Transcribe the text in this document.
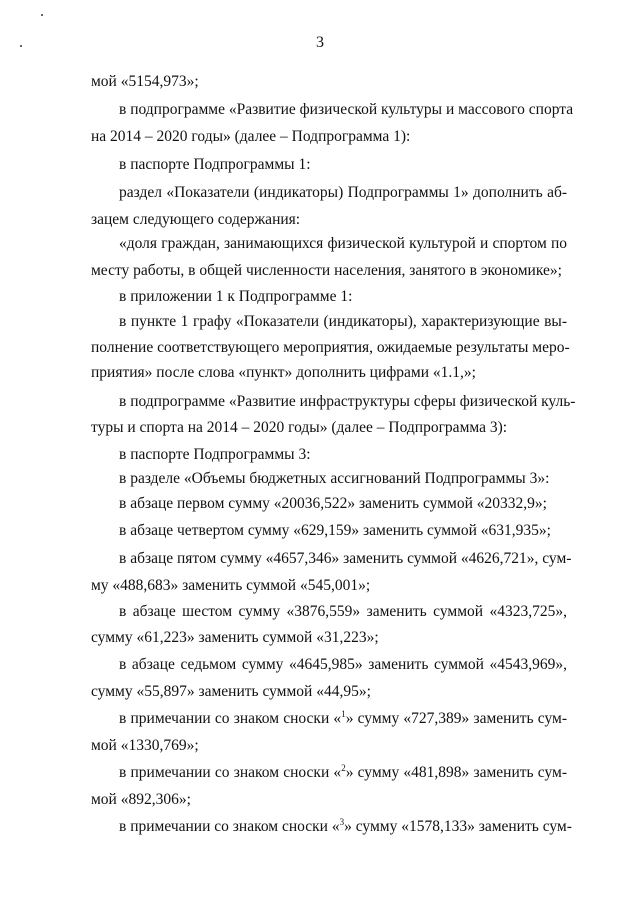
3
мой «5154,973»;
в подпрограмме «Развитие физической культуры и массового спорта
на 2014 – 2020 годы» (далее – Подпрограмма 1):
в паспорте Подпрограммы 1:
раздел «Показатели (индикаторы) Подпрограммы 1» дополнить аб-
зацем следующего содержания:
«доля граждан, занимающихся физической культурой и спортом по
месту работы, в общей численности населения, занятого в экономике»;
в приложении 1 к Подпрограмме 1:
в пункте 1 графу «Показатели (индикаторы), характеризующие вы-
полнение соответствующего мероприятия, ожидаемые результаты меро-
приятия» после слова «пункт» дополнить цифрами «1.1,»;
в подпрограмме «Развитие инфраструктуры сферы физической куль-
туры и спорта на 2014 – 2020 годы» (далее – Подпрограмма 3):
в паспорте Подпрограммы 3:
в разделе «Объемы бюджетных ассигнований Подпрограммы 3»:
в абзаце первом сумму «20036,522» заменить суммой «20332,9»;
в абзаце четвертом сумму «629,159» заменить суммой «631,935»;
в абзаце пятом сумму «4657,346» заменить суммой «4626,721», сум-
му «488,683» заменить суммой «545,001»;
в абзаце шестом сумму «3876,559» заменить суммой «4323,725»,
сумму «61,223» заменить суммой «31,223»;
в абзаце седьмом сумму «4645,985» заменить суммой «4543,969»,
сумму «55,897» заменить суммой «44,95»;
в примечании со знаком сноски «$^1$» сумму «727,389» заменить сум-
мой «1330,769»;
в примечании со знаком сноски «$^2$» сумму «481,898» заменить сум-
мой «892,306»;
в примечании со знаком сноски «$^3$» сумму «1578,133» заменить сум-
